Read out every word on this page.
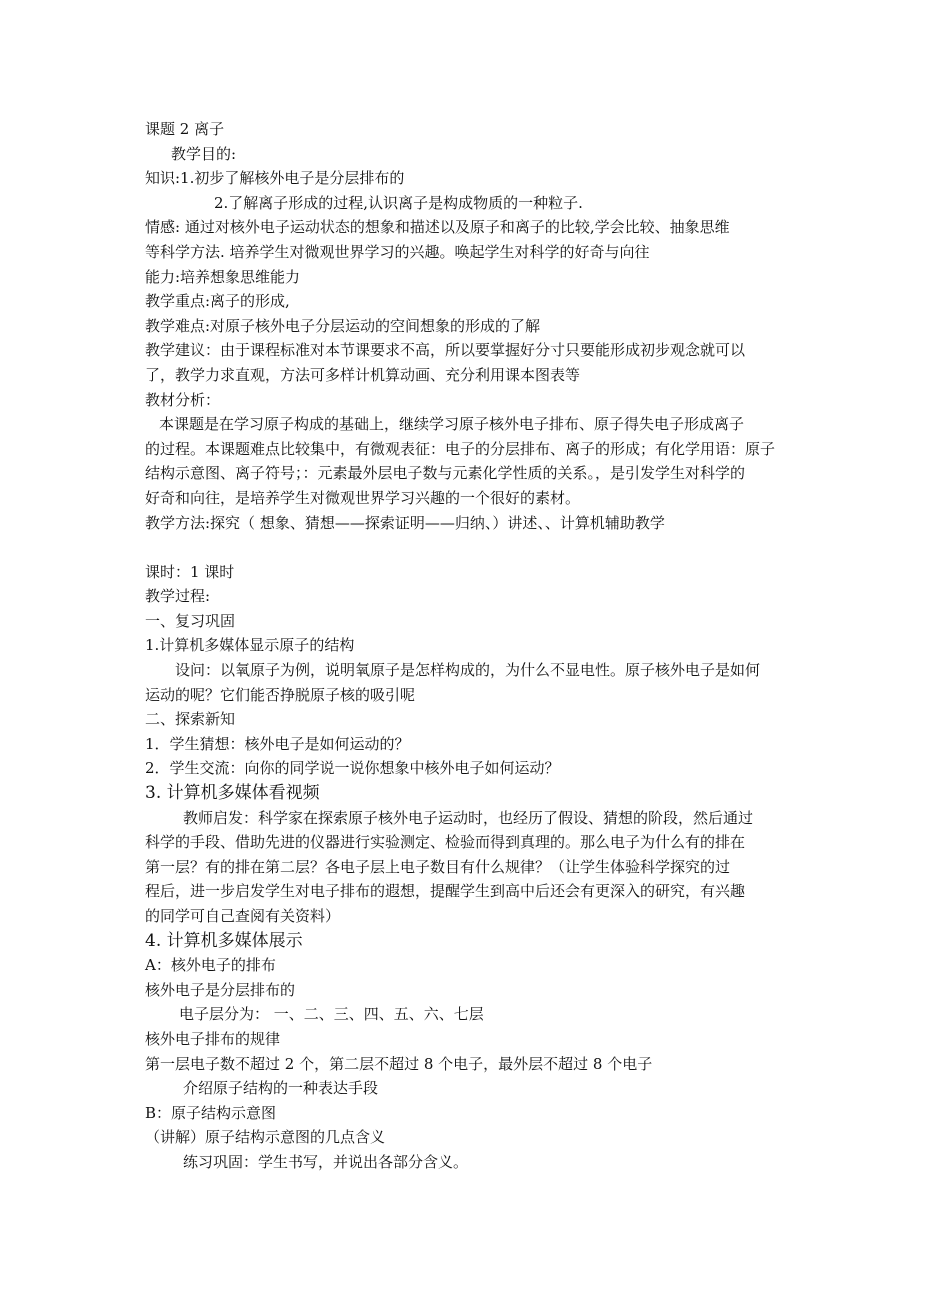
课题 2 离子
教学目的:
知识:1.初步了解核外电子是分层排布的
2.了解离子形成的过程,认识离子是构成物质的一种粒子.
情感: 通过对核外电子运动状态的想象和描述以及原子和离子的比较,学会比较、抽象思维
等科学方法. 培养学生对微观世界学习的兴趣。唤起学生对科学的好奇与向往
能力:培养想象思维能力
教学重点:离子的形成,
教学难点:对原子核外电子分层运动的空间想象的形成的了解
教学建议：由于课程标准对本节课要求不高，所以要掌握好分寸只要能形成初步观念就可以
了，教学力求直观，方法可多样计机算动画、充分利用课本图表等
教材分析：
本课题是在学习原子构成的基础上，继续学习原子核外电子排布、原子得失电子形成离子
的过程。本课题难点比较集中，有微观表征：电子的分层排布、离子的形成；有化学用语：原子
结构示意图、离子符号；：元素最外层电子数与元素化学性质的关系。，是引发学生对科学的
好奇和向往，是培养学生对微观世界学习兴趣的一个很好的素材。
教学方法:探究（ 想象、猜想——探索证明——归纳、）讲述、、计算机辅助教学
课时：1 课时
教学过程:
一、复习巩固
1.计算机多媒体显示原子的结构
设问：以氧原子为例，说明氧原子是怎样构成的，为什么不显电性。原子核外电子是如何
运动的呢？它们能否挣脱原子核的吸引呢
二、探索新知
1．学生猜想：核外电子是如何运动的？
2．学生交流：向你的同学说一说你想象中核外电子如何运动？
3. 计算机多媒体看视频
教师启发：科学家在探索原子核外电子运动时，也经历了假设、猜想的阶段，然后通过
科学的手段、借助先进的仪器进行实验测定、检验而得到真理的。那么电子为什么有的排在
第一层？有的排在第二层？各电子层上电子数目有什么规律？（让学生体验科学探究的过
程后，进一步启发学生对电子排布的遐想，提醒学生到高中后还会有更深入的研究，有兴趣
的同学可自己查阅有关资料）
4. 计算机多媒体展示
A：核外电子的排布
核外电子是分层排布的
电子层分为： 一、二、三、四、五、六、七层
核外电子排布的规律
第一层电子数不超过 2 个，第二层不超过 8 个电子，最外层不超过 8 个电子
介绍原子结构的一种表达手段
B：原子结构示意图
（讲解）原子结构示意图的几点含义
练习巩固：学生书写，并说出各部分含义。
